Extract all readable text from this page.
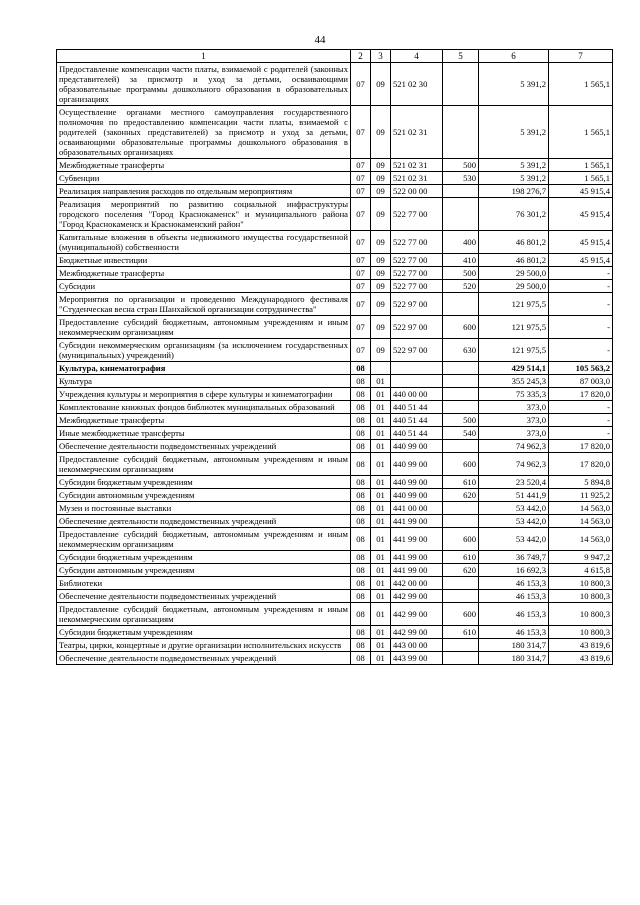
44
1	2	3	4	5	6	7
Предоставление компенсации части платы, взимаемой с родителей (законных представителей) за присмотр и уход за детьми, осваивающими образовательные программы дошкольного образования в образовательных организациях	07	09	521 02 30		5 391,2	1 565,1
Осуществление органами местного самоуправления государственного полномочия по предоставлению компенсации части платы, взимаемой с родителей (законных представителей) за присмотр и уход за детьми, осваивающими образовательные программы дошкольного образования в образовательных организациях	07	09	521 02 31		5 391,2	1 565,1
Межбюджетные трансферты	07	09	521 02 31	500	5 391,2	1 565,1
Субвенции	07	09	521 02 31	530	5 391,2	1 565,1
Реализация направления расходов по отдельным мероприятиям	07	09	522 00 00		198 276,7	45 915,4
Реализация мероприятий по развитию социальной инфраструктуры городского поселения "Город Краснокаменск" и муниципального района "Город Краснокаменск и Краснокаменский район"	07	09	522 77 00		76 301,2	45 915,4
Капитальные вложения в объекты недвижимого имущества государственной (муниципальной) собственности	07	09	522 77 00	400	46 801,2	45 915,4
Бюджетные инвестиции	07	09	522 77 00	410	46 801,2	45 915,4
Межбюджетные трансферты	07	09	522 77 00	500	29 500,0	-
Субсидии	07	09	522 77 00	520	29 500,0	-
Мероприятия по организации и проведению Международного фестиваля "Студенческая весна стран Шанхайской организации сотрудничества"	07	09	522 97 00		121 975,5	-
Предоставление субсидий бюджетным, автономным учреждениям и иным некоммерческим организациям	07	09	522 97 00	600	121 975,5	-
Субсидии некоммерческим организациям (за исключением государственных (муниципальных) учреждений)	07	09	522 97 00	630	121 975,5	-
Культура, кинематография	08				429 514,1	105 563,2
Культура	08	01			355 245,3	87 003,0
Учреждения культуры и мероприятия в сфере культуры и кинематографии	08	01	440 00 00		75 335,3	17 820,0
Комплектование книжных фондов библиотек муниципальных образований	08	01	440 51 44		373,0	-
Межбюджетные трансферты	08	01	440 51 44	500	373,0	-
Иные межбюджетные трансферты	08	01	440 51 44	540	373,0	-
Обеспечение деятельности подведомственных учреждений	08	01	440 99 00		74 962,3	17 820,0
Предоставление субсидий бюджетным, автономным учреждениям и иным некоммерческим организациям	08	01	440 99 00	600	74 962,3	17 820,0
Субсидии бюджетным учреждениям	08	01	440 99 00	610	23 520,4	5 894,8
Субсидии автономным учреждениям	08	01	440 99 00	620	51 441,9	11 925,2
Музеи и постоянные выставки	08	01	441 00 00		53 442,0	14 563,0
Обеспечение деятельности подведомственных учреждений	08	01	441 99 00		53 442,0	14 563,0
Предоставление субсидий бюджетным, автономным учреждениям и иным некоммерческим организациям	08	01	441 99 00	600	53 442,0	14 563,0
Субсидии бюджетным учреждениям	08	01	441 99 00	610	36 749,7	9 947,2
Субсидии автономным учреждениям	08	01	441 99 00	620	16 692,3	4 615,8
Библиотеки	08	01	442 00 00		46 153,3	10 800,3
Обеспечение деятельности подведомственных учреждений	08	01	442 99 00		46 153,3	10 800,3
Предоставление субсидий бюджетным, автономным учреждениям и иным некоммерческим организациям	08	01	442 99 00	600	46 153,3	10 800,3
Субсидии бюджетным учреждениям	08	01	442 99 00	610	46 153,3	10 800,3
Театры, цирки, концертные и другие организации исполнительских искусств	08	01	443 00 00		180 314,7	43 819,6
Обеспечение деятельности подведомственных учреждений	08	01	443 99 00		180 314,7	43 819,6
